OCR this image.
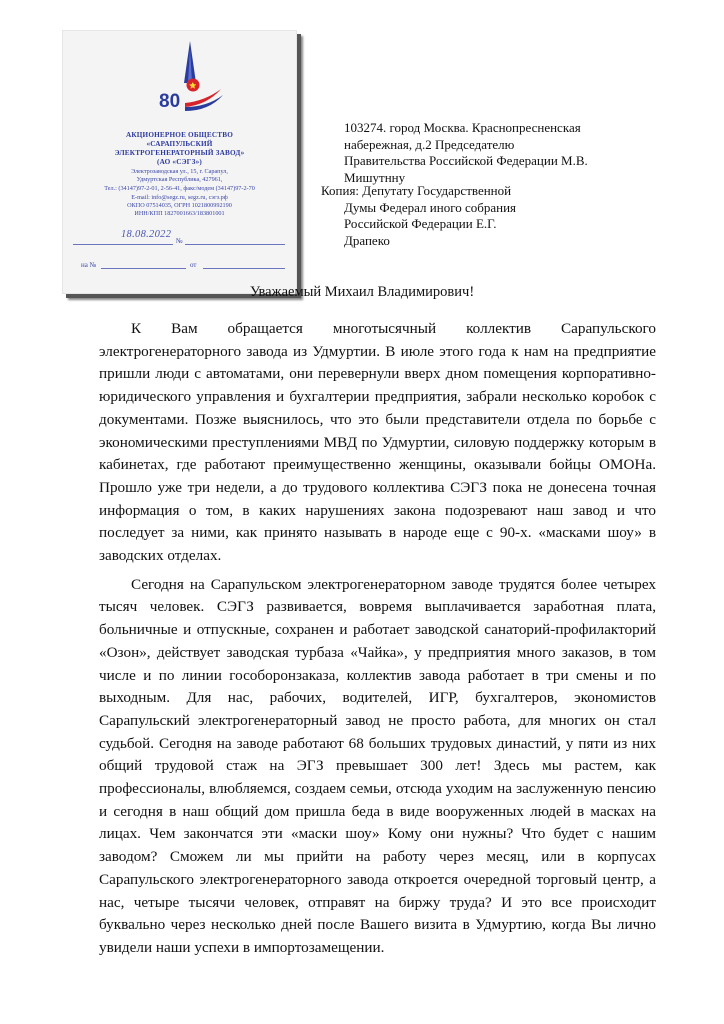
⭐
80
АКЦИОНЕРНОЕ ОБЩЕСТВО
«САРАПУЛЬСКИЙ
ЭЛЕКТРОГЕНЕРАТОРНЫЙ ЗАВОД»
(АО «СЭГЗ»)
Электрозаводская ул., 15, г. Сарапул,
Удмуртская Республика, 427961,
Тел.: (34147)97-2-01, 2-56-41, факс/модем (34147)97-2-70
E-mail: info@segz.ru, segz.ru, сэгз.рф
ОКПО 07514035, ОГРН 1021800992190
ИНН/КПП 1827001663/183801001
18.08.2022
№
на №	от
103274. город Москва. Краснопресненская
набережная, д.2 Председателю
Правительства Российской Федерации М.В.
Мишутнну
Копия: Депутату Государственной
Думы Федерал иного собрания
Российской Федерации Е.Г.
Драпеко
Уважаемый Михаил Владимирович!

К Вам обращается многотысячный коллектив Сарапульского электрогенераторного завода из Удмуртии. В июле этого года к нам на предприятие пришли люди с автоматами, они перевернули вверх дном помещения корпоративно-юридического управления и бухгалтерии предприятия, забрали несколько коробок с документами. Позже выяснилось, что это были представители отдела по борьбе с экономическими преступлениями МВД по Удмуртии, силовую поддержку которым в кабинетах, где работают преимущественно женщины, оказывали бойцы ОМОНа. Прошло уже три недели, а до трудового коллектива СЭГЗ пока не донесена точная информация о том, в каких нарушениях закона подозревают наш завод и что последует за ними, как принято называть в народе еще с 90-х. «масками шоу» в заводских отделах.

Сегодня на Сарапульском электрогенераторном заводе трудятся более четырех тысяч человек. СЭГЗ развивается, вовремя выплачивается заработная плата, больничные и отпускные, сохранен и работает заводской санаторий-профилакторий «Озон», действует заводская турбаза «Чайка», у предприятия много заказов, в том числе и по линии гособоронзаказа, коллектив завода работает в три смены и по выходным. Для нас, рабочих, водителей, ИГР, бухгалтеров, экономистов Сарапульский электрогенераторный завод не просто работа, для многих он стал судьбой. Сегодня на заводе работают 68 больших трудовых династий, у пяти из них общий трудовой стаж на ЭГЗ превышает 300 лет! Здесь мы растем, как профессионалы, влюбляемся, создаем семьи, отсюда уходим на заслуженную пенсию и сегодня в наш общий дом пришла беда в виде вооруженных людей в масках на лицах. Чем закончатся эти «маски шоу» Кому они нужны? Что будет с нашим заводом? Сможем ли мы прийти на работу через месяц, или в корпусах Сарапульского электрогенераторного завода откроется очередной торговый центр, а нас, четыре тысячи человек, отправят на биржу труда? И это все происходит буквально через несколько дней после Вашего визита в Удмуртию, когда Вы лично увидели наши успехи в импортозамещении.
